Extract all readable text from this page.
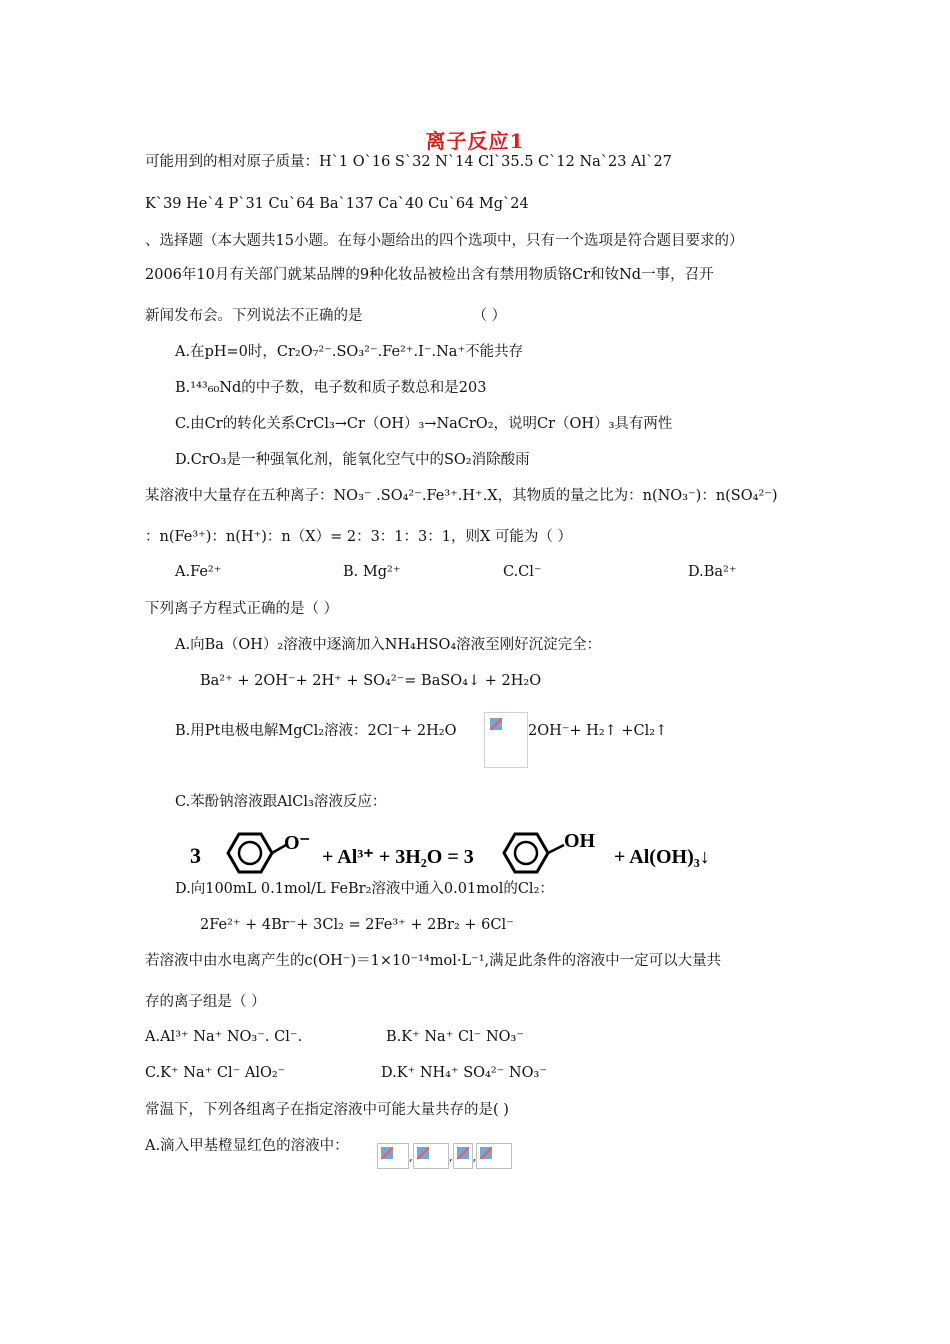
离子反应1
可能用到的相对原子质量：H`1 O`16 S`32 N`14 Cl`35.5 C`12 Na`23 Al`27
K`39 He`4 P`31 Cu`64 Ba`137 Ca`40 Cu`64 Mg`24
、选择题（本大题共15小题。在每小题给出的四个选项中，只有一个选项是符合题目要求的）
2006年10月有关部门就某品牌的9种化妆品被检出含有禁用物质铬Cr和钕Nd一事，召开
新闻发布会。下列说法不正确的是	（ ）
A.在pH=0时，Cr₂O₇²⁻.SO₃²⁻.Fe²⁺.I⁻.Na⁺不能共存
B.¹⁴³₆₀Nd的中子数，电子数和质子数总和是203
C.由Cr的转化关系CrCl₃→Cr（OH）₃→NaCrO₂，说明Cr（OH）₃具有两性
D.CrO₃是一种强氧化剂，能氧化空气中的SO₂消除酸雨
某溶液中大量存在五种离子：NO₃⁻ .SO₄²⁻.Fe³⁺.H⁺.X，其物质的量之比为：n(NO₃⁻)：n(SO₄²⁻)
：n(Fe³⁺)：n(H⁺)：n（X）= 2：3：1：3：1，则X 可能为（ ）
A.Fe²⁺	B. Mg²⁺	C.Cl⁻	D.Ba²⁺
下列离子方程式正确的是（ ）
A.向Ba（OH）₂溶液中逐滴加入NH₄HSO₄溶液至刚好沉淀完全：
Ba²⁺ + 2OH⁻+ 2H⁺ + SO₄²⁻= BaSO₄↓ + 2H₂O
B.用Pt电极电解MgCl₂溶液：2Cl⁻+ 2H₂O	2OH⁻+ H₂↑ +Cl₂↑
C.苯酚钠溶液跟AlCl₃溶液反应：
3	O⁻
+ Al³⁺ + 3H₂O = 3
OH
+ Al(OH)₃↓
D.向100mL 0.1mol/L FeBr₂溶液中通入0.01mol的Cl₂：
2Fe²⁺ + 4Br⁻+ 3Cl₂ = 2Fe³⁺ + 2Br₂ + 6Cl⁻
若溶液中由水电离产生的c(OH⁻)＝1×10⁻¹⁴mol·L⁻¹,满足此条件的溶液中一定可以大量共
存的离子组是（ ）
A.Al³⁺ Na⁺ NO₃⁻. Cl⁻.	B.K⁺ Na⁺ Cl⁻ NO₃⁻
C.K⁺ Na⁺ Cl⁻ AlO₂⁻	D.K⁺ NH₄⁺ SO₄²⁻ NO₃⁻
常温下，下列各组离子在指定溶液中可能大量共存的是( )
A.滴入甲基橙显红色的溶液中：
,	, ,
